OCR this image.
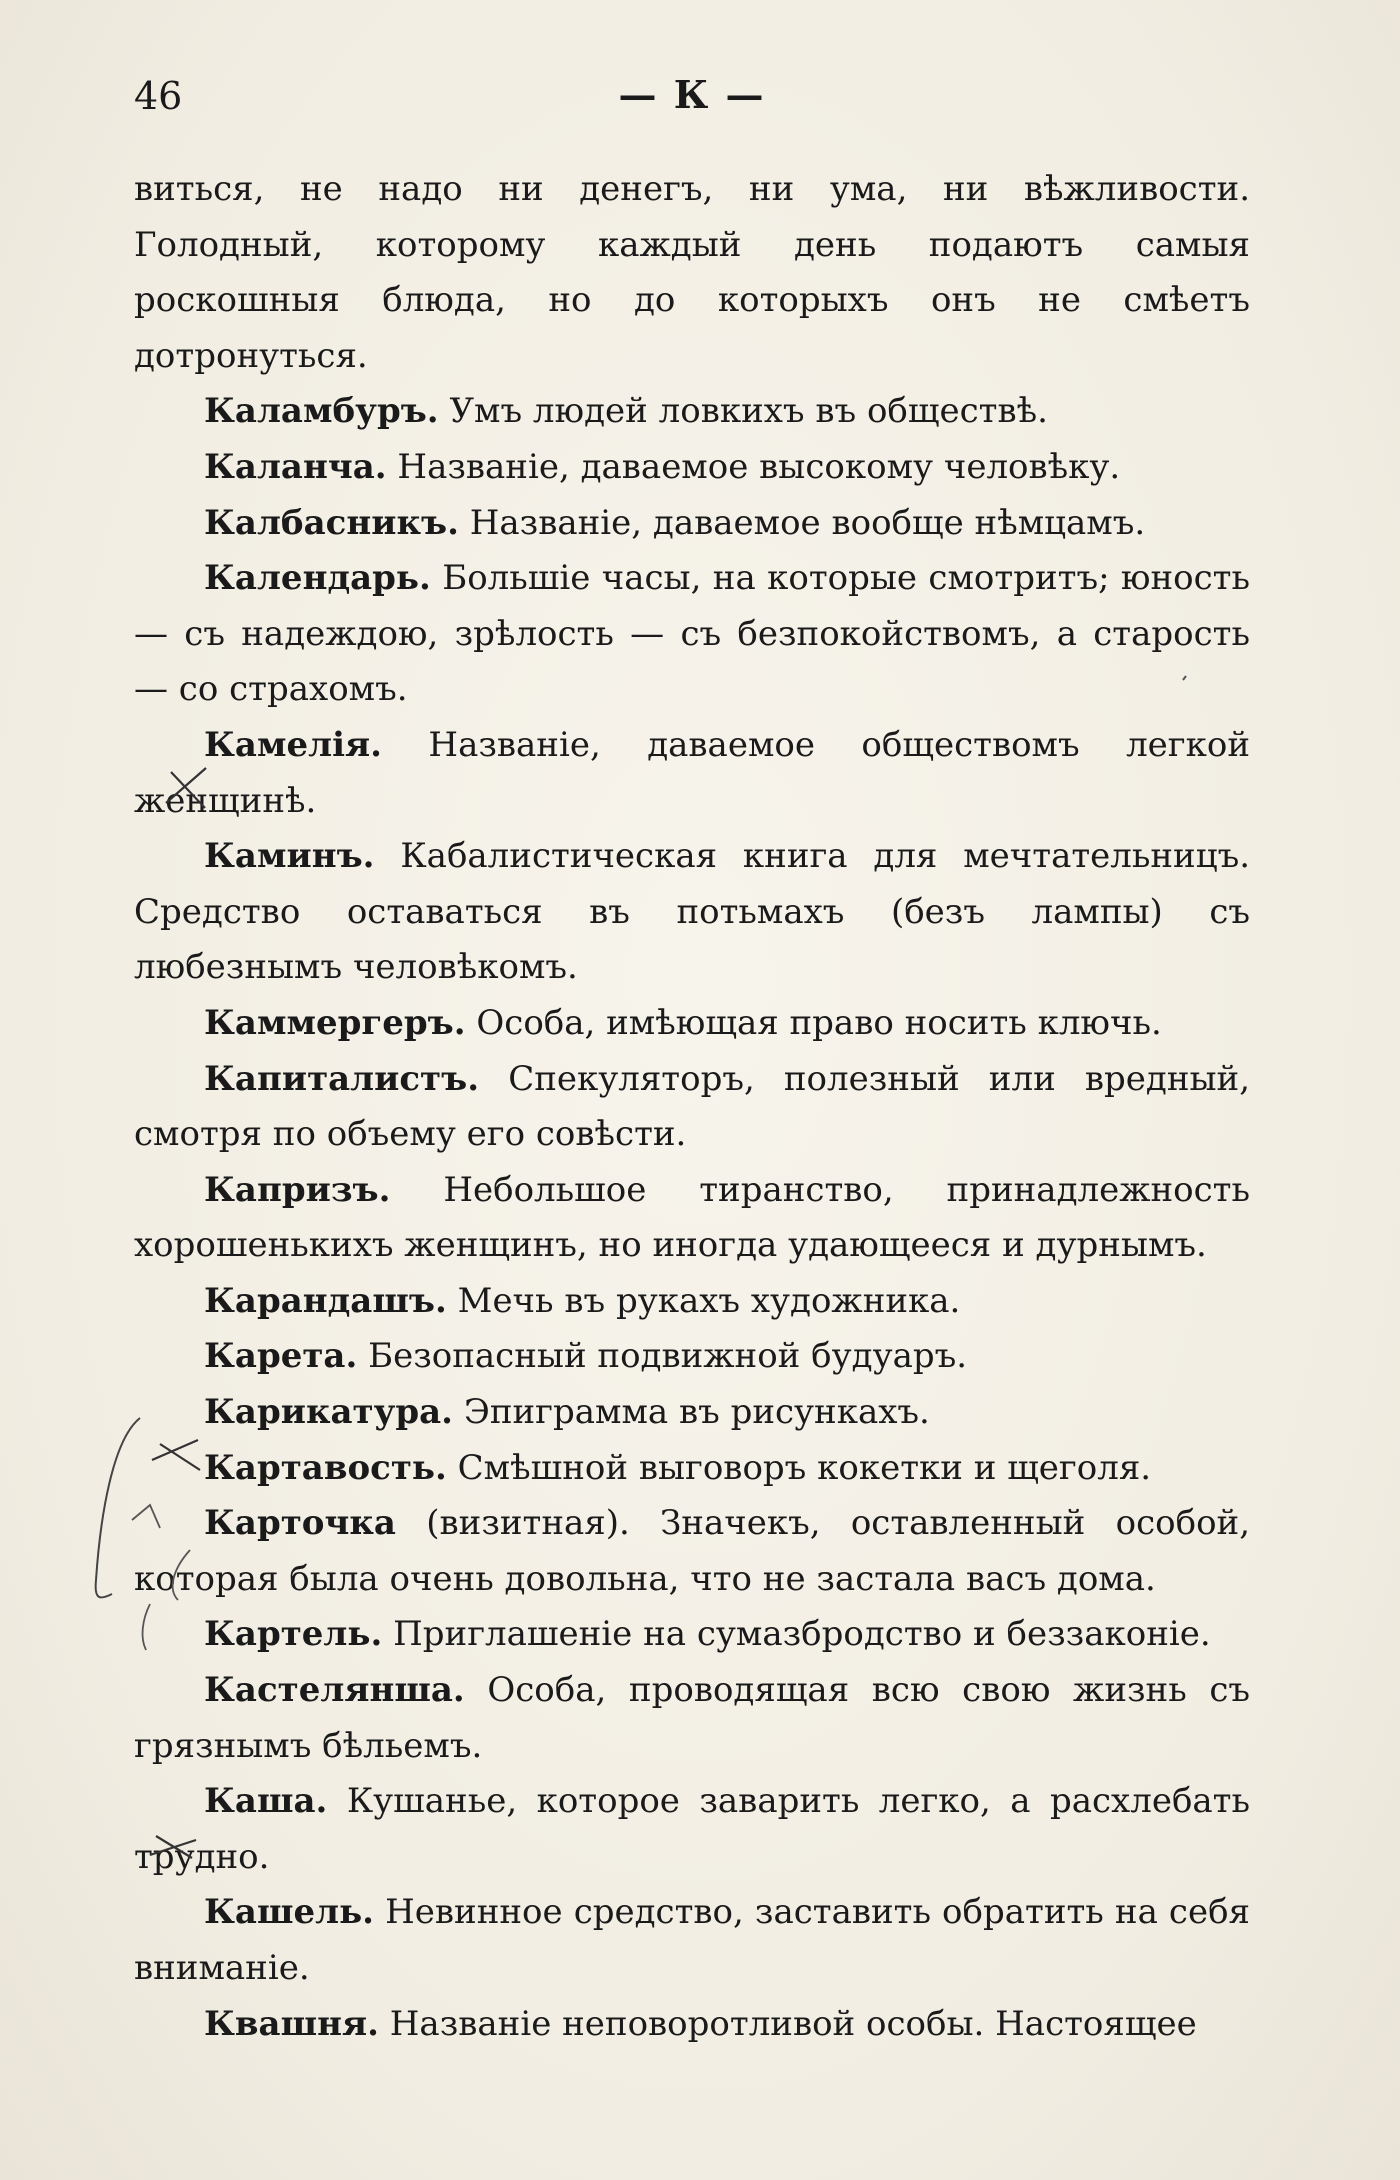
46	— К —

виться, не надо ни денегъ, ни ума, ни вѣжливости. Голодный, которому каждый день подаютъ самыя роскошныя блюда, но до которыхъ онъ не смѣетъ дотронуться.

Каламбуръ. Умъ людей ловкихъ въ обществѣ.

Каланча. Названіе, даваемое высокому человѣку.

Калбасникъ. Названіе, даваемое вообще нѣмцамъ.

Календарь. Большіе часы, на которые смотритъ; юность — съ надеждою, зрѣлость — съ безпокойствомъ, а старость — со страхомъ.

Камелія. Названіе, даваемое обществомъ легкой женщинѣ.

Каминъ. Кабалистическая книга для мечтательницъ. Средство оставаться въ потьмахъ (безъ лампы) съ любезнымъ человѣкомъ.

Каммергеръ. Особа, имѣющая право носить ключь.

Капиталистъ. Спекуляторъ, полезный или вредный, смотря по объему его совѣсти.

Капризъ. Небольшое тиранство, принадлежность хорошенькихъ женщинъ, но иногда удающееся и дурнымъ.

Карандашъ. Мечь въ рукахъ художника.

Карета. Безопасный подвижной будуаръ.

Карикатура. Эпиграмма въ рисункахъ.

Картавость. Смѣшной выговоръ кокетки и щеголя.

Карточка (визитная). Значекъ, оставленный особой, которая была очень довольна, что не застала васъ дома.

Картель. Приглашеніе на сумазбродство и беззаконіе.

Кастелянша. Особа, проводящая всю свою жизнь съ грязнымъ бѣльемъ.

Каша. Кушанье, которое заварить легко, а расхлебать трудно.

Кашель. Невинное средство, заставить обратить на себя вниманіе.

Квашня. Названіе неповоротливой особы. Настоящее
